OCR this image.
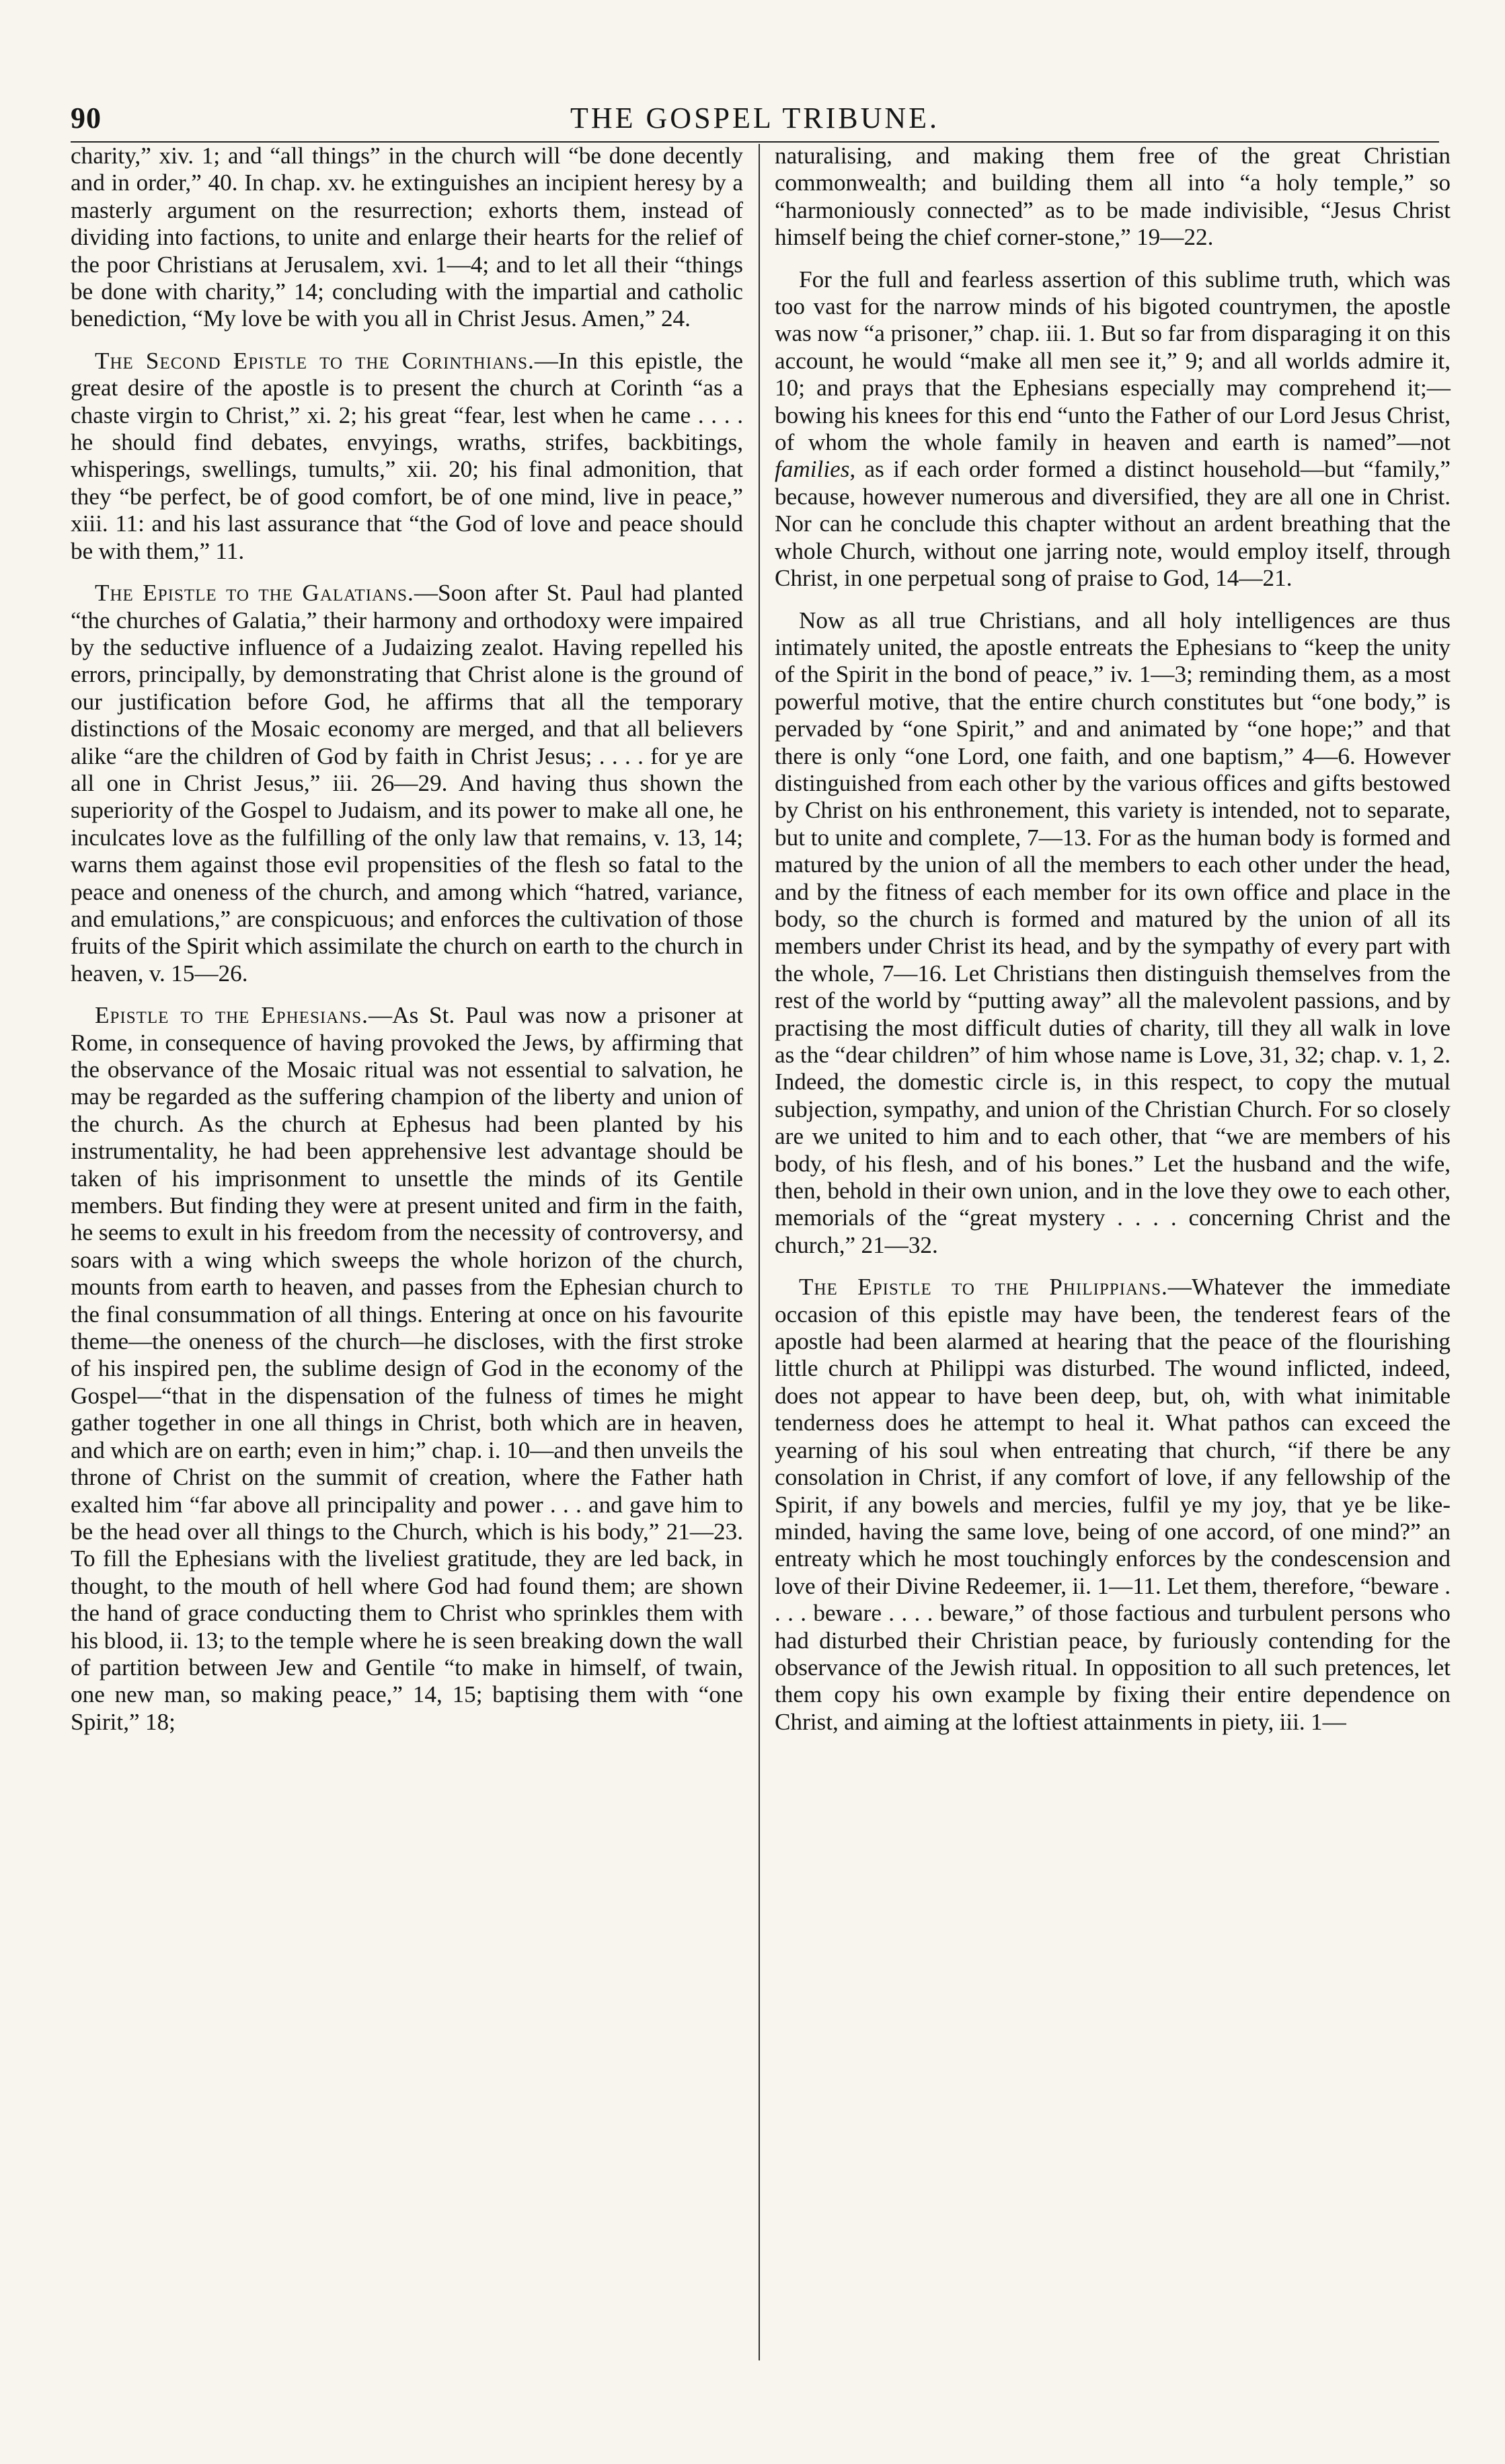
90	THE GOSPEL TRIBUNE.

charity,” xiv. 1; and “all things” in the church will “be done decently and in order,” 40. In chap. xv. he extinguishes an incipient heresy by a masterly argument on the resurrection; exhorts them, instead of dividing into factions, to unite and enlarge their hearts for the relief of the poor Christians at Jerusalem, xvi. 1—4; and to let all their “things be done with charity,” 14; concluding with the impartial and catholic benediction, “My love be with you all in Christ Jesus. Amen,” 24.

The Second Epistle to the Corinthians.—In this epistle, the great desire of the apostle is to present the church at Corinth “as a chaste virgin to Christ,” xi. 2; his great “fear, lest when he came . . . . he should find debates, envyings, wraths, strifes, backbitings, whisperings, swellings, tumults,” xii. 20; his final admonition, that they “be perfect, be of good comfort, be of one mind, live in peace,” xiii. 11: and his last assurance that “the God of love and peace should be with them,” 11.

The Epistle to the Galatians.—Soon after St. Paul had planted “the churches of Galatia,” their harmony and orthodoxy were impaired by the seductive influence of a Judaizing zealot. Having repelled his errors, principally, by demonstrating that Christ alone is the ground of our justification before God, he affirms that all the temporary distinctions of the Mosaic economy are merged, and that all believers alike “are the children of God by faith in Christ Jesus; . . . . for ye are all one in Christ Jesus,” iii. 26—29. And having thus shown the superiority of the Gospel to Judaism, and its power to make all one, he inculcates love as the fulfilling of the only law that remains, v. 13, 14; warns them against those evil propensities of the flesh so fatal to the peace and oneness of the church, and among which “hatred, variance, and emulations,” are conspicuous; and enforces the cultivation of those fruits of the Spirit which assimilate the church on earth to the church in heaven, v. 15—26.

Epistle to the Ephesians.—As St. Paul was now a prisoner at Rome, in consequence of having provoked the Jews, by affirming that the observance of the Mosaic ritual was not essential to salvation, he may be regarded as the suffering champion of the liberty and union of the church. As the church at Ephesus had been planted by his instrumentality, he had been apprehensive lest advantage should be taken of his imprisonment to unsettle the minds of its Gentile members. But finding they were at present united and firm in the faith, he seems to exult in his freedom from the necessity of controversy, and soars with a wing which sweeps the whole horizon of the church, mounts from earth to heaven, and passes from the Ephesian church to the final consummation of all things. Entering at once on his favourite theme—the oneness of the church—he discloses, with the first stroke of his inspired pen, the sublime design of God in the economy of the Gospel—“that in the dispensation of the fulness of times he might gather together in one all things in Christ, both which are in heaven, and which are on earth; even in him;” chap. i. 10—and then unveils the throne of Christ on the summit of creation, where the Father hath exalted him “far above all principality and power . . . and gave him to be the head over all things to the Church, which is his body,” 21—23. To fill the Ephesians with the liveliest gratitude, they are led back, in thought, to the mouth of hell where God had found them; are shown the hand of grace conducting them to Christ who sprinkles them with his blood, ii. 13; to the temple where he is seen breaking down the wall of partition between Jew and Gentile “to make in himself, of twain, one new man, so making peace,” 14, 15; baptising them with “one Spirit,” 18;

naturalising, and making them free of the great Christian commonwealth; and building them all into “a holy temple,” so “harmoniously connected” as to be made indivisible, “Jesus Christ himself being the chief corner-stone,” 19—22.

For the full and fearless assertion of this sublime truth, which was too vast for the narrow minds of his bigoted countrymen, the apostle was now “a prisoner,” chap. iii. 1. But so far from disparaging it on this account, he would “make all men see it,” 9; and all worlds admire it, 10; and prays that the Ephesians especially may comprehend it;—bowing his knees for this end “unto the Father of our Lord Jesus Christ, of whom the whole family in heaven and earth is named”—not families, as if each order formed a distinct household—but “family,” because, however numerous and diversified, they are all one in Christ. Nor can he conclude this chapter without an ardent breathing that the whole Church, without one jarring note, would employ itself, through Christ, in one perpetual song of praise to God, 14—21.

Now as all true Christians, and all holy intelligences are thus intimately united, the apostle entreats the Ephesians to “keep the unity of the Spirit in the bond of peace,” iv. 1—3; reminding them, as a most powerful motive, that the entire church constitutes but “one body,” is pervaded by “one Spirit,” and and animated by “one hope;” and that there is only “one Lord, one faith, and one baptism,” 4—6. However distinguished from each other by the various offices and gifts bestowed by Christ on his enthronement, this variety is intended, not to separate, but to unite and complete, 7—13. For as the human body is formed and matured by the union of all the members to each other under the head, and by the fitness of each member for its own office and place in the body, so the church is formed and matured by the union of all its members under Christ its head, and by the sympathy of every part with the whole, 7—16. Let Christians then distinguish themselves from the rest of the world by “putting away” all the malevolent passions, and by practising the most difficult duties of charity, till they all walk in love as the “dear children” of him whose name is Love, 31, 32; chap. v. 1, 2. Indeed, the domestic circle is, in this respect, to copy the mutual subjection, sympathy, and union of the Christian Church. For so closely are we united to him and to each other, that “we are members of his body, of his flesh, and of his bones.” Let the husband and the wife, then, behold in their own union, and in the love they owe to each other, memorials of the “great mystery . . . . concerning Christ and the church,” 21—32.

The Epistle to the Philippians.—Whatever the immediate occasion of this epistle may have been, the tenderest fears of the apostle had been alarmed at hearing that the peace of the flourishing little church at Philippi was disturbed. The wound inflicted, indeed, does not appear to have been deep, but, oh, with what inimitable tenderness does he attempt to heal it. What pathos can exceed the yearning of his soul when entreating that church, “if there be any consolation in Christ, if any comfort of love, if any fellowship of the Spirit, if any bowels and mercies, fulfil ye my joy, that ye be like-minded, having the same love, being of one accord, of one mind?” an entreaty which he most touchingly enforces by the condescension and love of their Divine Redeemer, ii. 1—11. Let them, therefore, “beware . . . . beware . . . . beware,” of those factious and turbulent persons who had disturbed their Christian peace, by furiously contending for the observance of the Jewish ritual. In opposition to all such pretences, let them copy his own example by fixing their entire dependence on Christ, and aiming at the loftiest attainments in piety, iii. 1—
